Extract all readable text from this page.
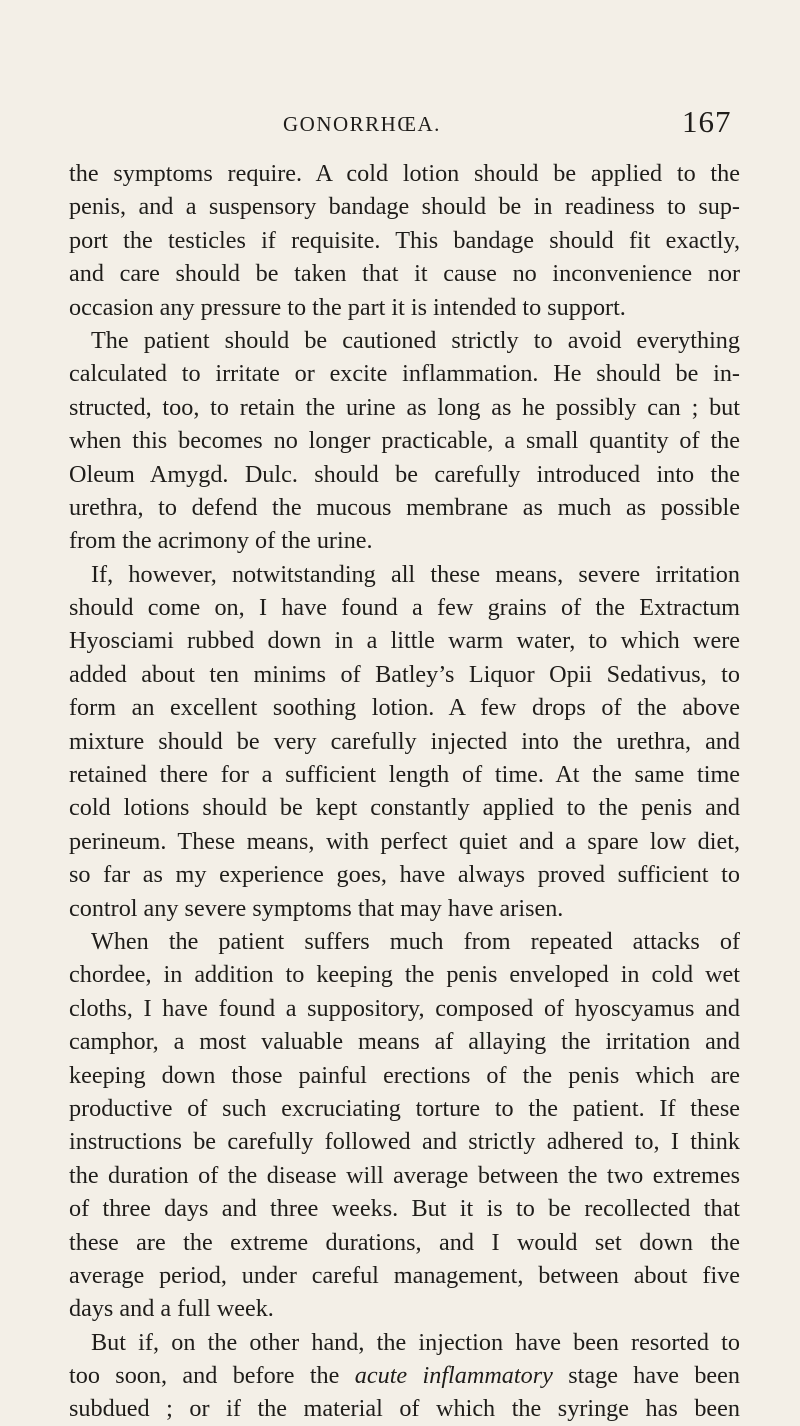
GONORRHŒA.	167
the symptoms require. A cold lotion should be applied to the
penis, and a suspensory bandage should be in readiness to sup-
port the testicles if requisite. This bandage should fit exactly,
and care should be taken that it cause no inconvenience nor
occasion any pressure to the part it is intended to support.
The patient should be cautioned strictly to avoid everything
calculated to irritate or excite inflammation. He should be in-
structed, too, to retain the urine as long as he possibly can ; but
when this becomes no longer practicable, a small quantity of the
Oleum Amygd. Dulc. should be carefully introduced into the
urethra, to defend the mucous membrane as much as possible
from the acrimony of the urine.
If, however, notwitstanding all these means, severe irritation
should come on, I have found a few grains of the Extractum
Hyosciami rubbed down in a little warm water, to which were
added about ten minims of Batley’s Liquor Opii Sedativus, to
form an excellent soothing lotion. A few drops of the above
mixture should be very carefully injected into the urethra, and
retained there for a sufficient length of time. At the same time
cold lotions should be kept constantly applied to the penis and
perineum. These means, with perfect quiet and a spare low diet,
so far as my experience goes, have always proved sufficient to
control any severe symptoms that may have arisen.
When the patient suffers much from repeated attacks of
chordee, in addition to keeping the penis enveloped in cold wet
cloths, I have found a suppository, composed of hyoscyamus and
camphor, a most valuable means af allaying the irritation and
keeping down those painful erections of the penis which are
productive of such excruciating torture to the patient. If these
instructions be carefully followed and strictly adhered to, I think
the duration of the disease will average between the two extremes
of three days and three weeks. But it is to be recollected that
these are the extreme durations, and I would set down the
average period, under careful management, between about five
days and a full week.
But if, on the other hand, the injection have been resorted to
too soon, and before the acute inflammatory stage have been
subdued ; or if the material of which the syringe has been
